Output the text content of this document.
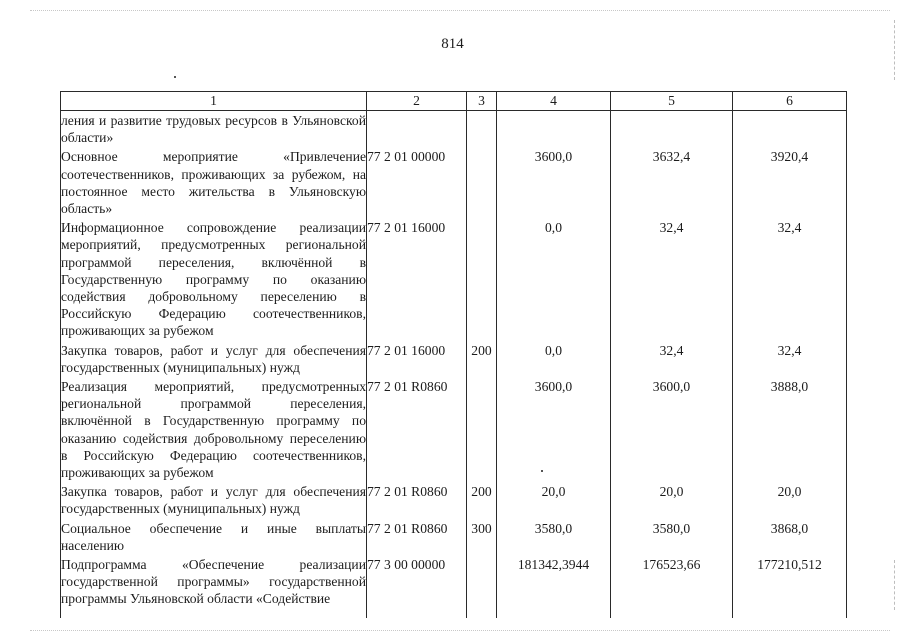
814
1	2	3	4	5	6
ления и развитие трудовых ресурсов в Ульяновской области»					
Основное мероприятие «Привлечение соотечественников, проживающих за рубежом, на постоянное место жительства в Ульяновскую область»	77 2 01 00000		3600,0	3632,4	3920,4
Информационное сопровождение реализации мероприятий, предусмотренных региональной программой переселения, включённой в Государственную программу по оказанию содействия добровольному переселению в Российскую Федерацию соотечественников, проживающих за рубежом	77 2 01 16000		0,0	32,4	32,4
Закупка товаров, работ и услуг для обеспечения государственных (муниципальных) нужд	77 2 01 16000	200	0,0	32,4	32,4
Реализация мероприятий, предусмотренных региональной программой переселения, включённой в Государственную программу по оказанию содействия добровольному переселению в Российскую Федерацию соотечественников, проживающих за рубежом	77 2 01 R0860		3600,0	3600,0	3888,0
Закупка товаров, работ и услуг для обеспечения государственных (муниципальных) нужд	77 2 01 R0860	200	20,0	20,0	20,0
Социальное обеспечение и иные выплаты населению	77 2 01 R0860	300	3580,0	3580,0	3868,0
Подпрограмма «Обеспечение реализации государственной программы» государственной программы Ульяновской области «Содействие	77 3 00 00000		181342,3944	176523,66	177210,512
